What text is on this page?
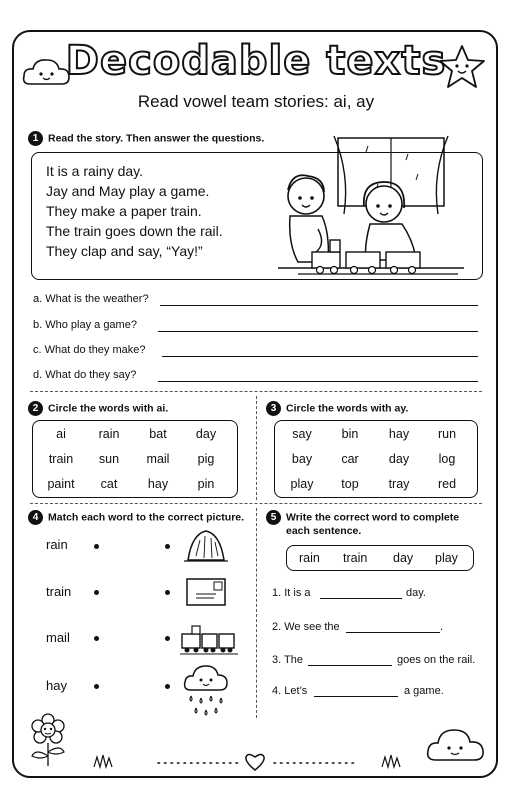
Decodable texts
Read vowel team stories: ai, ay
1 Read the story. Then answer the questions.
It is a rainy day.
Jay and May play a game.
They make a paper train.
The train goes down the rail.
They clap and say, “Yay!”
a. What is the weather?
b. Who play a game?
c. What do they make?
d. What do they say?
2 Circle the words with ai.
ai	rain	bat	day
train	sun	mail	pig
paint	cat	hay	pin
3 Circle the words with ay.
say	bin	hay	run
bay	car	day	log
play	top	tray	red
4 Match each word to the correct picture.
rain
train
mail
hay
5 Write the correct word to complete
each sentence.
rain train day play
1. It is a	day.
2. We see the	.
3. The	goes on the rail.
4. Let’s	a game.
